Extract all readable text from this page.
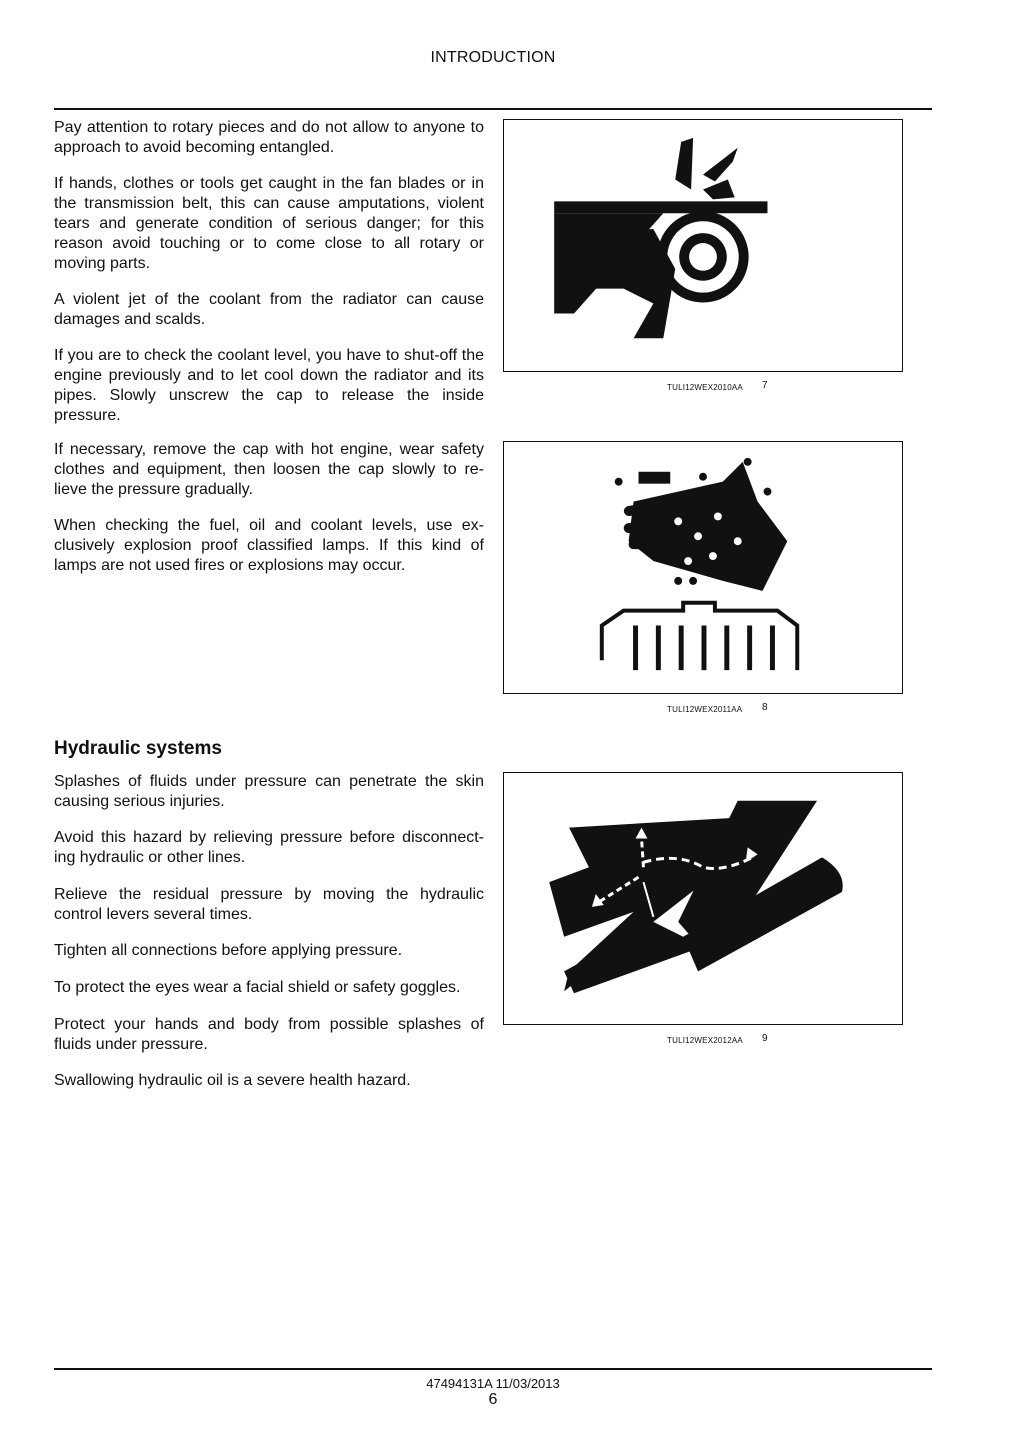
INTRODUCTION

Pay attention to rotary pieces and do not allow to anyone to approach to avoid becoming entangled.

If hands, clothes or tools get caught in the fan blades or in the transmission belt, this can cause amputations, violent tears and generate condition of serious danger; for this reason avoid touching or to come close to all rotary or moving parts.

A violent jet of the coolant from the radiator can cause damages and scalds.

If you are to check the coolant level, you have to shut-off the engine previously and to let cool down the radiator and its pipes. Slowly unscrew the cap to release the inside pressure.

If necessary, remove the cap with hot engine, wear safety clothes and equipment, then loosen the cap slowly to re-lieve the pressure gradually.

When checking the fuel, oil and coolant levels, use ex-clusively explosion proof classified lamps. If this kind of lamps are not used fires or explosions may occur.

Hydraulic systems

Splashes of fluids under pressure can penetrate the skin causing serious injuries.

Avoid this hazard by relieving pressure before disconnect-ing hydraulic or other lines.

Relieve the residual pressure by moving the hydraulic control levers several times.

Tighten all connections before applying pressure.

To protect the eyes wear a facial shield or safety goggles.

Protect your hands and body from possible splashes of fluids under pressure.

Swallowing hydraulic oil is a severe health hazard.

TULI12WEX2010AA 7
TULI12WEX2011AA 8
TULI12WEX2012AA 9
47494131A 11/03/2013
6
